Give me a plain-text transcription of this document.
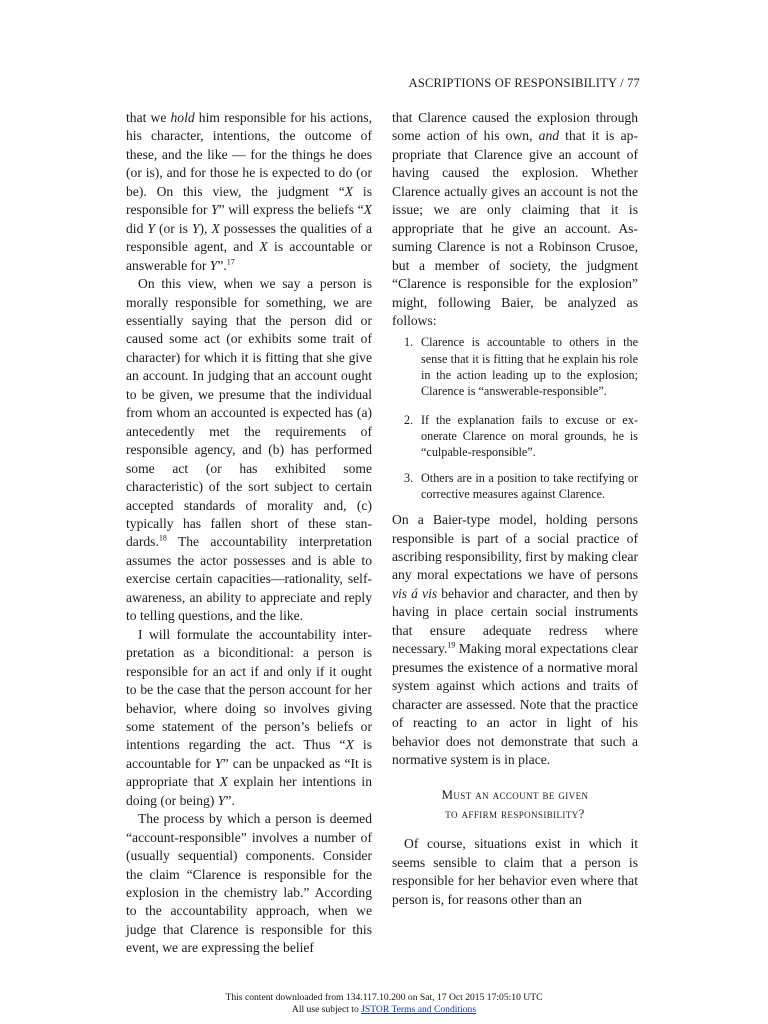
ASCRIPTIONS OF RESPONSIBILITY / 77

that we hold him responsible for his actions, his character, intentions, the outcome of these, and the like — for the things he does (or is), and for those he is expected to do (or be). On this view, the judgment “X is responsible for Y” will express the beliefs “X did Y (or is Y), X possesses the qualities of a responsible agent, and X is accountable or answerable for Y”.$^{17}$

On this view, when we say a person is morally responsible for something, we are essentially saying that the person did or caused some act (or exhibits some trait of character) for which it is fitting that she give an account. In judging that an account ought to be given, we presume that the individual from whom an accounted is expected has (a) antecedently met the requirements of responsible agency, and (b) has performed some act (or has exhibited some characteristic) of the sort subject to certain accepted standards of morality and, (c) typically has fallen short of these standards.$^{18}$ The accountability interpretation assumes the actor possesses and is able to exercise certain capacities—rationality, self-awareness, an ability to appreciate and reply to telling questions, and the like.

I will formulate the accountability interpretation as a biconditional: a person is responsible for an act if and only if it ought to be the case that the person account for her behavior, where doing so involves giving some statement of the person’s beliefs or intentions regarding the act. Thus “X is accountable for Y” can be unpacked as “It is appropriate that X explain her intentions in doing (or being) Y”.

The process by which a person is deemed “account-responsible” involves a number of (usually sequential) components. Consider the claim “Clarence is responsible for the explosion in the chemistry lab.” According to the accountability approach, when we judge that Clarence is responsible for this event, we are expressing the belief

that Clarence caused the explosion through some action of his own, and that it is appropriate that Clarence give an account of having caused the explosion. Whether Clarence actually gives an account is not the issue; we are only claiming that it is appropriate that he give an account. Assuming Clarence is not a Robinson Crusoe, but a member of society, the judgment “Clarence is responsible for the explosion” might, following Baier, be analyzed as follows:

1. Clarence is accountable to others in the sense that it is fitting that he explain his role in the action leading up to the explosion; Clarence is “answerable-responsible”.
2. If the explanation fails to excuse or exonerate Clarence on moral grounds, he is “culpable-responsible”.
3. Others are in a position to take rectifying or corrective measures against Clarence.

On a Baier-type model, holding persons responsible is part of a social practice of ascribing responsibility, first by making clear any moral expectations we have of persons vis á vis behavior and character, and then by having in place certain social instruments that ensure adequate redress where necessary.$^{19}$ Making moral expectations clear presumes the existence of a normative moral system against which actions and traits of character are assessed. Note that the practice of reacting to an actor in light of his behavior does not demonstrate that such a normative system is in place.

Must an account be given
to affirm responsibility?

Of course, situations exist in which it seems sensible to claim that a person is responsible for her behavior even where that person is, for reasons other than an

This content downloaded from 134.117.10.200 on Sat, 17 Oct 2015 17:05:10 UTC
All use subject to JSTOR Terms and Conditions
